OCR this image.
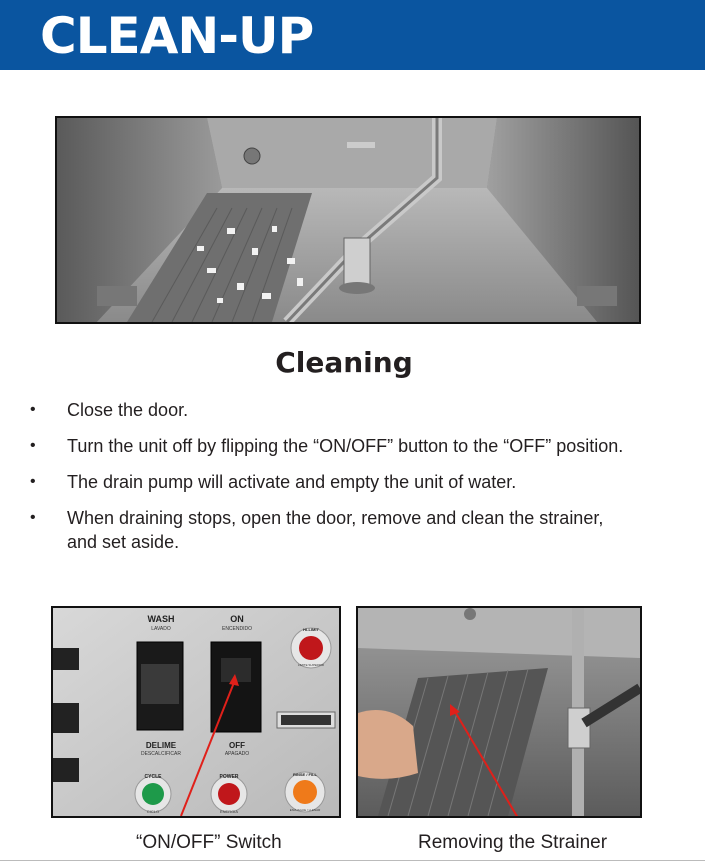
CLEAN-UP
Cleaning
• Close the door.
• Turn the unit off by flipping the “ON/OFF” button to the “OFF” position.
• The drain pump will activate and empty the unit of water.
• When draining stops, open the door, remove and clean the strainer, and set aside.
WASH
LAVADO
DELIME
DESCALCIFICAR
ON
ENCENDIDO
OFF
APAGADO
HI-LIMIT
LIMITE SUPERIOR
CYCLE
CICLO
POWER
ENERGIA
RINSE / FILL
ENJUAGUE / LLENAR
“ON/OFF” Switch	Removing the Strainer
